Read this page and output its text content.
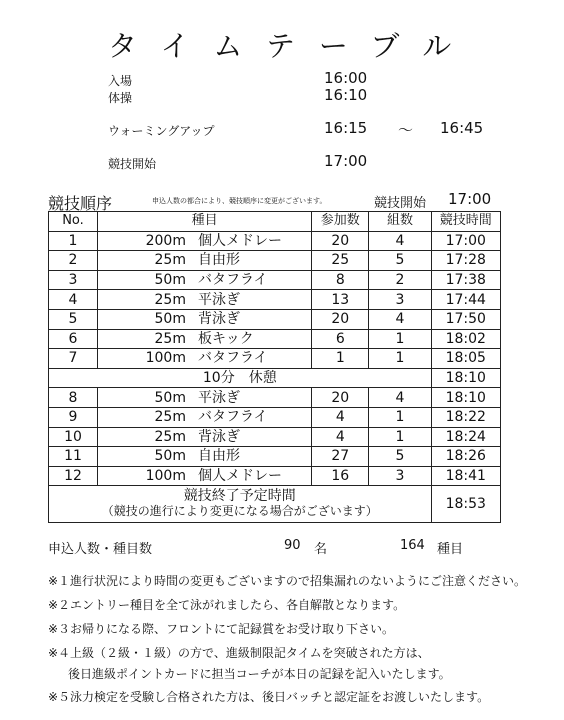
タイムテーブル
入場	16:00
体操	16:10
ウォーミングアップ	16:15 ～ 16:45
競技開始	17:00
競技順序	申込人数の都合により、競技順序に変更がございます。	競技開始 17:00
No.	種目	参加数	組数	競技時間
1	200m 個人メドレー	20	4	17:00
2	25m 自由形	25	5	17:28
3	50m バタフライ	8	2	17:38
4	25m 平泳ぎ	13	3	17:44
5	50m 背泳ぎ	20	4	17:50
6	25m 板キック	6	1	18:02
7	100m バタフライ	1	1	18:05
10分　休憩				18:10
8	50m 平泳ぎ	20	4	18:10
9	25m バタフライ	4	1	18:22
10	25m 背泳ぎ	4	1	18:24
11	50m 自由形	27	5	18:26
12	100m 個人メドレー	16	3	18:41

競技終了予定時間
（競技の進行により変更になる場合がございます）				18:53
申込人数・種目数	90 名	164 種目
※１進行状況により時間の変更もございますので招集漏れのないようにご注意ください。
※２エントリー種目を全て泳がれましたら、各自解散となります。
※３お帰りになる際、フロントにて記録賞をお受け取り下さい。
※４上級（２級・１級）の方で、進級制限記タイムを突破された方は、
　後日進級ポイントカードに担当コーチが本日の記録を記入いたします。
※５泳力検定を受験し合格された方は、後日バッチと認定証をお渡しいたします。
